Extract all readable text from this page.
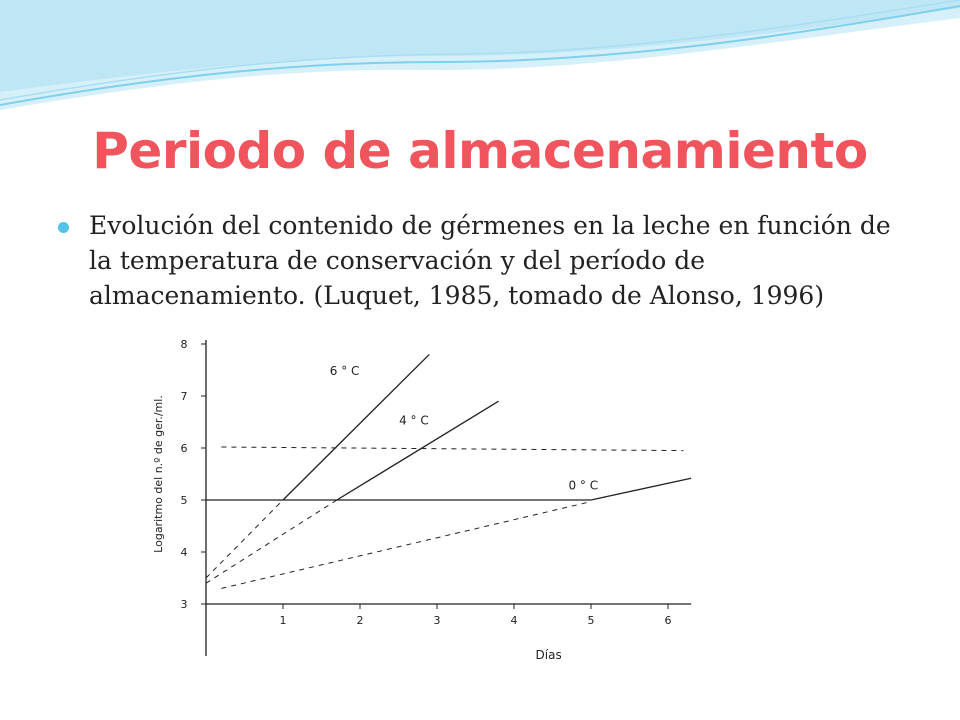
Periodo de almacenamiento

Evolución del contenido de gérmenes en la leche en función de la temperatura de conservación y del período de almacenamiento. (Luquet, 1985, tomado de Alonso, 1996)

3
4
5
6
7
8
1	2	3	4	5	6
6 ° C
4 ° C
0 ° C
Días
Logaritmo del n.º de ger./ml.
